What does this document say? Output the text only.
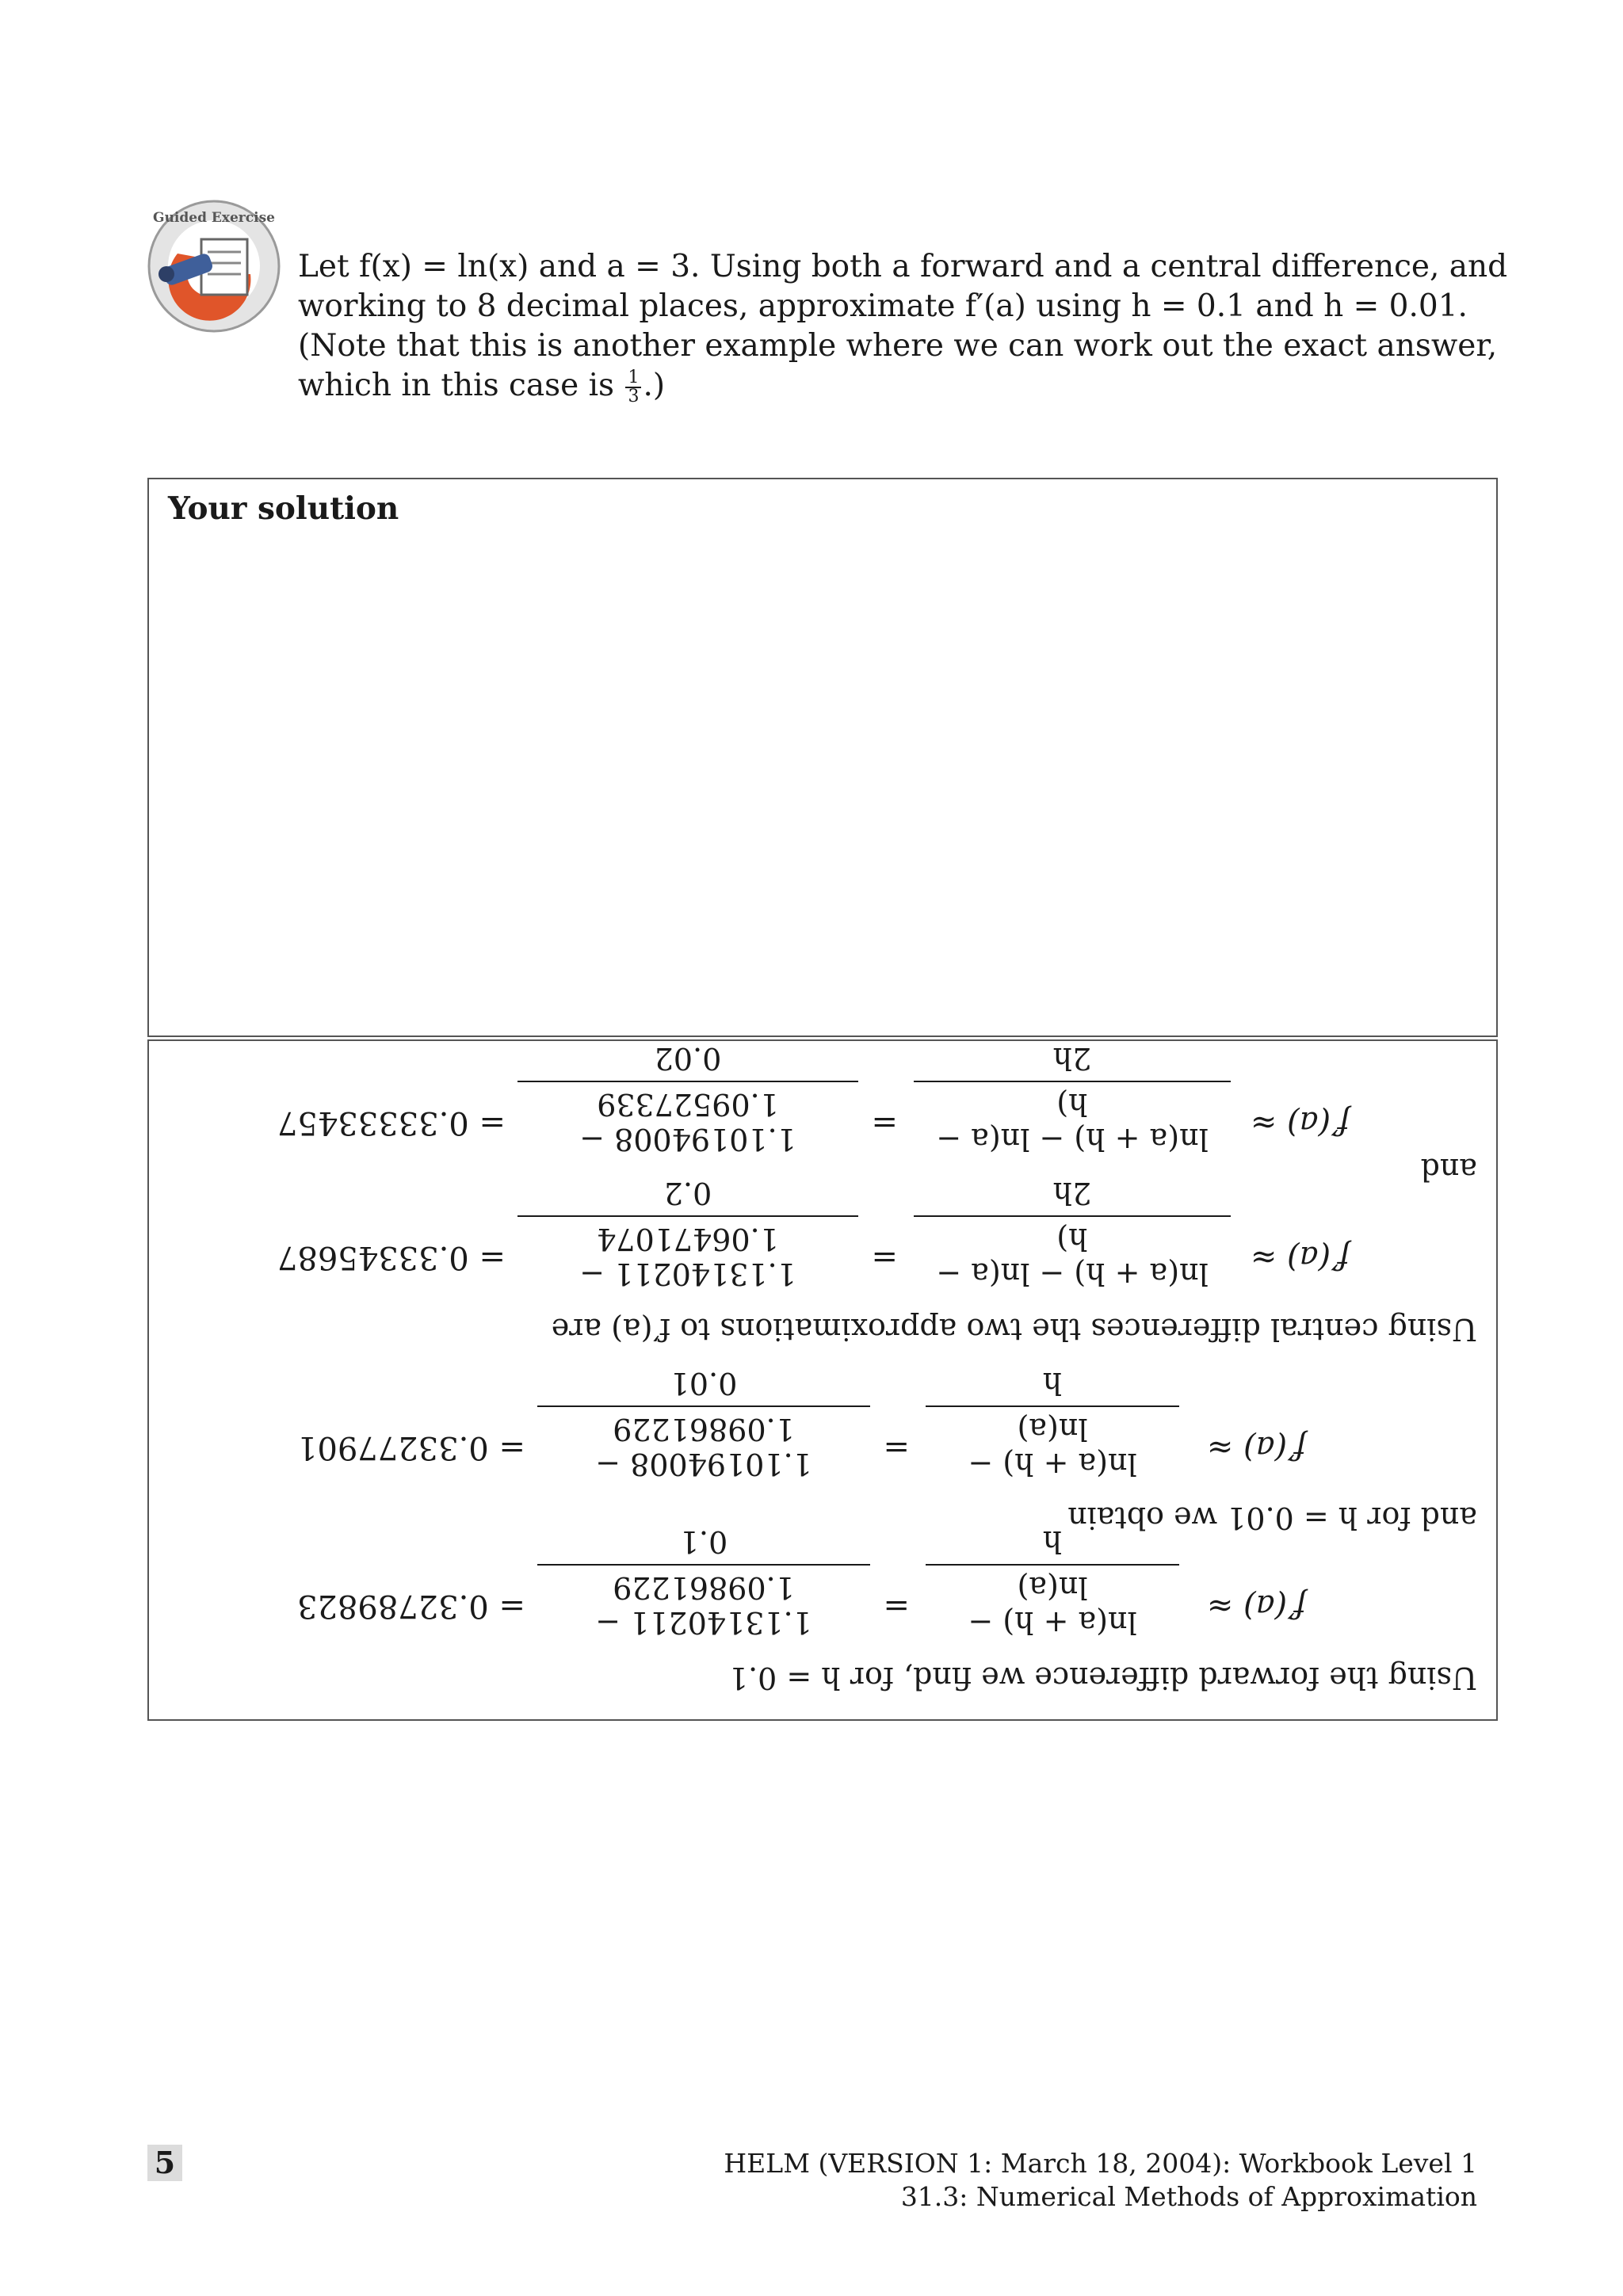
Guided Exercise
Let f(x) = ln(x) and a = 3. Using both a forward and a central difference, and
working to 8 decimal places, approximate f′(a) using h = 0.1 and h = 0.01.
(Note that this is another example where we can work out the exact answer,
which in this case is $\frac{1}{3}$ .)
Your solution
Using the forward difference we find, for h = 0.1
f′(a) ≈
ln(a + h) − ln(a)
h
=
1.13140211 − 1.09861229
0.1
= 0.32789823
and for h = 0.01 we obtain
f′(a) ≈
ln(a + h) − ln(a)
h
=
1.10194008 − 1.09861229
0.01
= 0.33277901
Using central differences the two approximations to f′(a) are
f′(a) ≈
ln(a + h) − ln(a − h)
2h
=
1.13140211 − 1.06471074
0.2
= 0.33345687
and
f′(a) ≈
ln(a + h) − ln(a − h)
2h
=
1.10194008 − 1.09527339
0.02
= 0.33333457
5	HELM (VERSION 1: March 18, 2004): Workbook Level 1
31.3: Numerical Methods of Approximation
